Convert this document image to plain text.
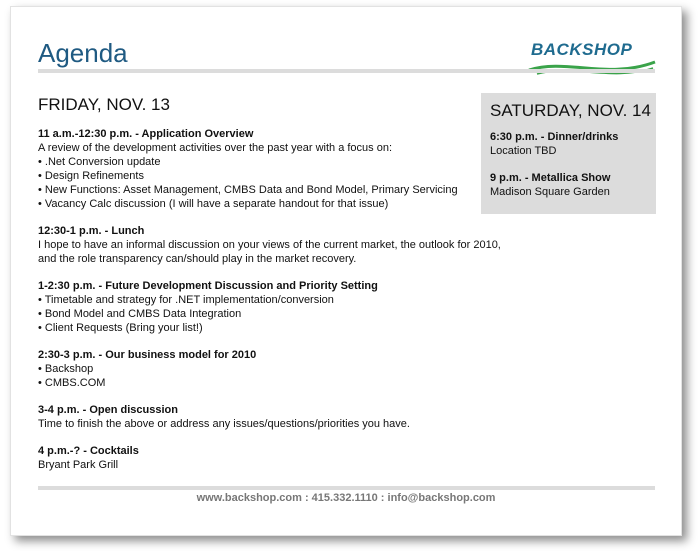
Agenda	BACKSHOP
FRIDAY, NOV. 13
11 a.m.-12:30 p.m. - Application Overview
A review of the development activities over the past year with a focus on:
• .Net Conversion update
• Design Refinements
• New Functions: Asset Management, CMBS Data and Bond Model, Primary Servicing
• Vacancy Calc discussion (I will have a separate handout for that issue)
12:30-1 p.m. - Lunch
I hope to have an informal discussion on your views of the current market, the outlook for 2010,
and the role transparency can/should play in the market recovery.
1-2:30 p.m. - Future Development Discussion and Priority Setting
• Timetable and strategy for .NET implementation/conversion
• Bond Model and CMBS Data Integration
• Client Requests (Bring your list!)
2:30-3 p.m. - Our business model for 2010
• Backshop
• CMBS.COM
3-4 p.m. - Open discussion
Time to finish the above or address any issues/questions/priorities you have.
4 p.m.-? - Cocktails
Bryant Park Grill
SATURDAY, NOV. 14
6:30 p.m. - Dinner/drinks
Location TBD
9 p.m. - Metallica Show
Madison Square Garden
www.backshop.com : 415.332.1110 : info@backshop.com
